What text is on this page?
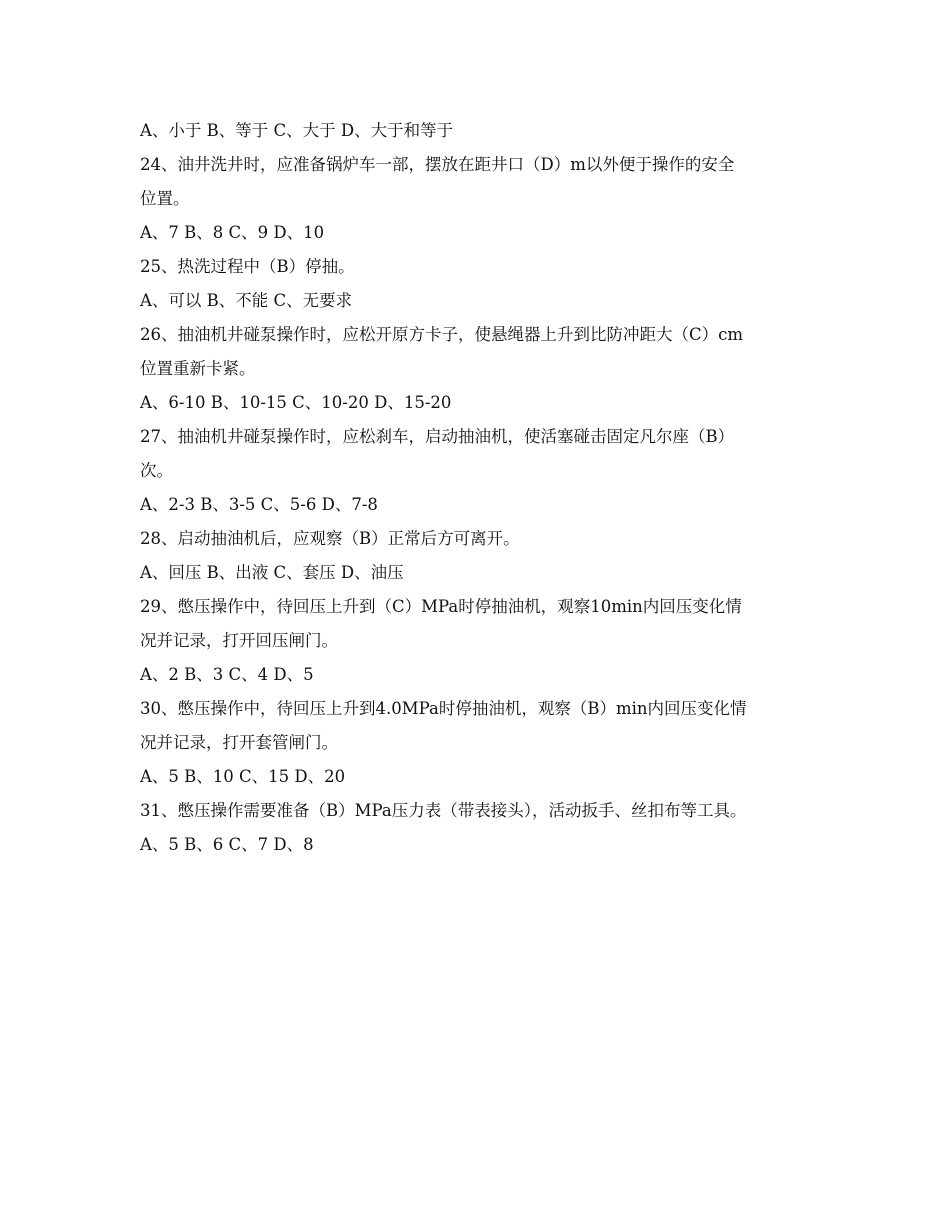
A、小于 B、等于 C、大于 D、大于和等于

24、油井洗井时，应准备锅炉车一部，摆放在距井口（D）m以外便于操作的安全

位置。

A、7 B、8 C、9 D、10

25、热洗过程中（B）停抽。

A、可以 B、不能 C、无要求

26、抽油机井碰泵操作时，应松开原方卡子，使悬绳器上升到比防冲距大（C）cm

位置重新卡紧。

A、6-10 B、10-15 C、10-20 D、15-20

27、抽油机井碰泵操作时，应松刹车，启动抽油机，使活塞碰击固定凡尔座（B）

次。

A、2-3 B、3-5 C、5-6 D、7-8

28、启动抽油机后，应观察（B）正常后方可离开。

A、回压 B、出液 C、套压 D、油压

29、憋压操作中，待回压上升到（C）MPa时停抽油机，观察10min内回压变化情

况并记录，打开回压闸门。

A、2 B、3 C、4 D、5

30、憋压操作中，待回压上升到4.0MPa时停抽油机，观察（B）min内回压变化情

况并记录，打开套管闸门。

A、5 B、10 C、15 D、20

31、憋压操作需要准备（B）MPa压力表（带表接头），活动扳手、丝扣布等工具。

A、5 B、6 C、7 D、8
